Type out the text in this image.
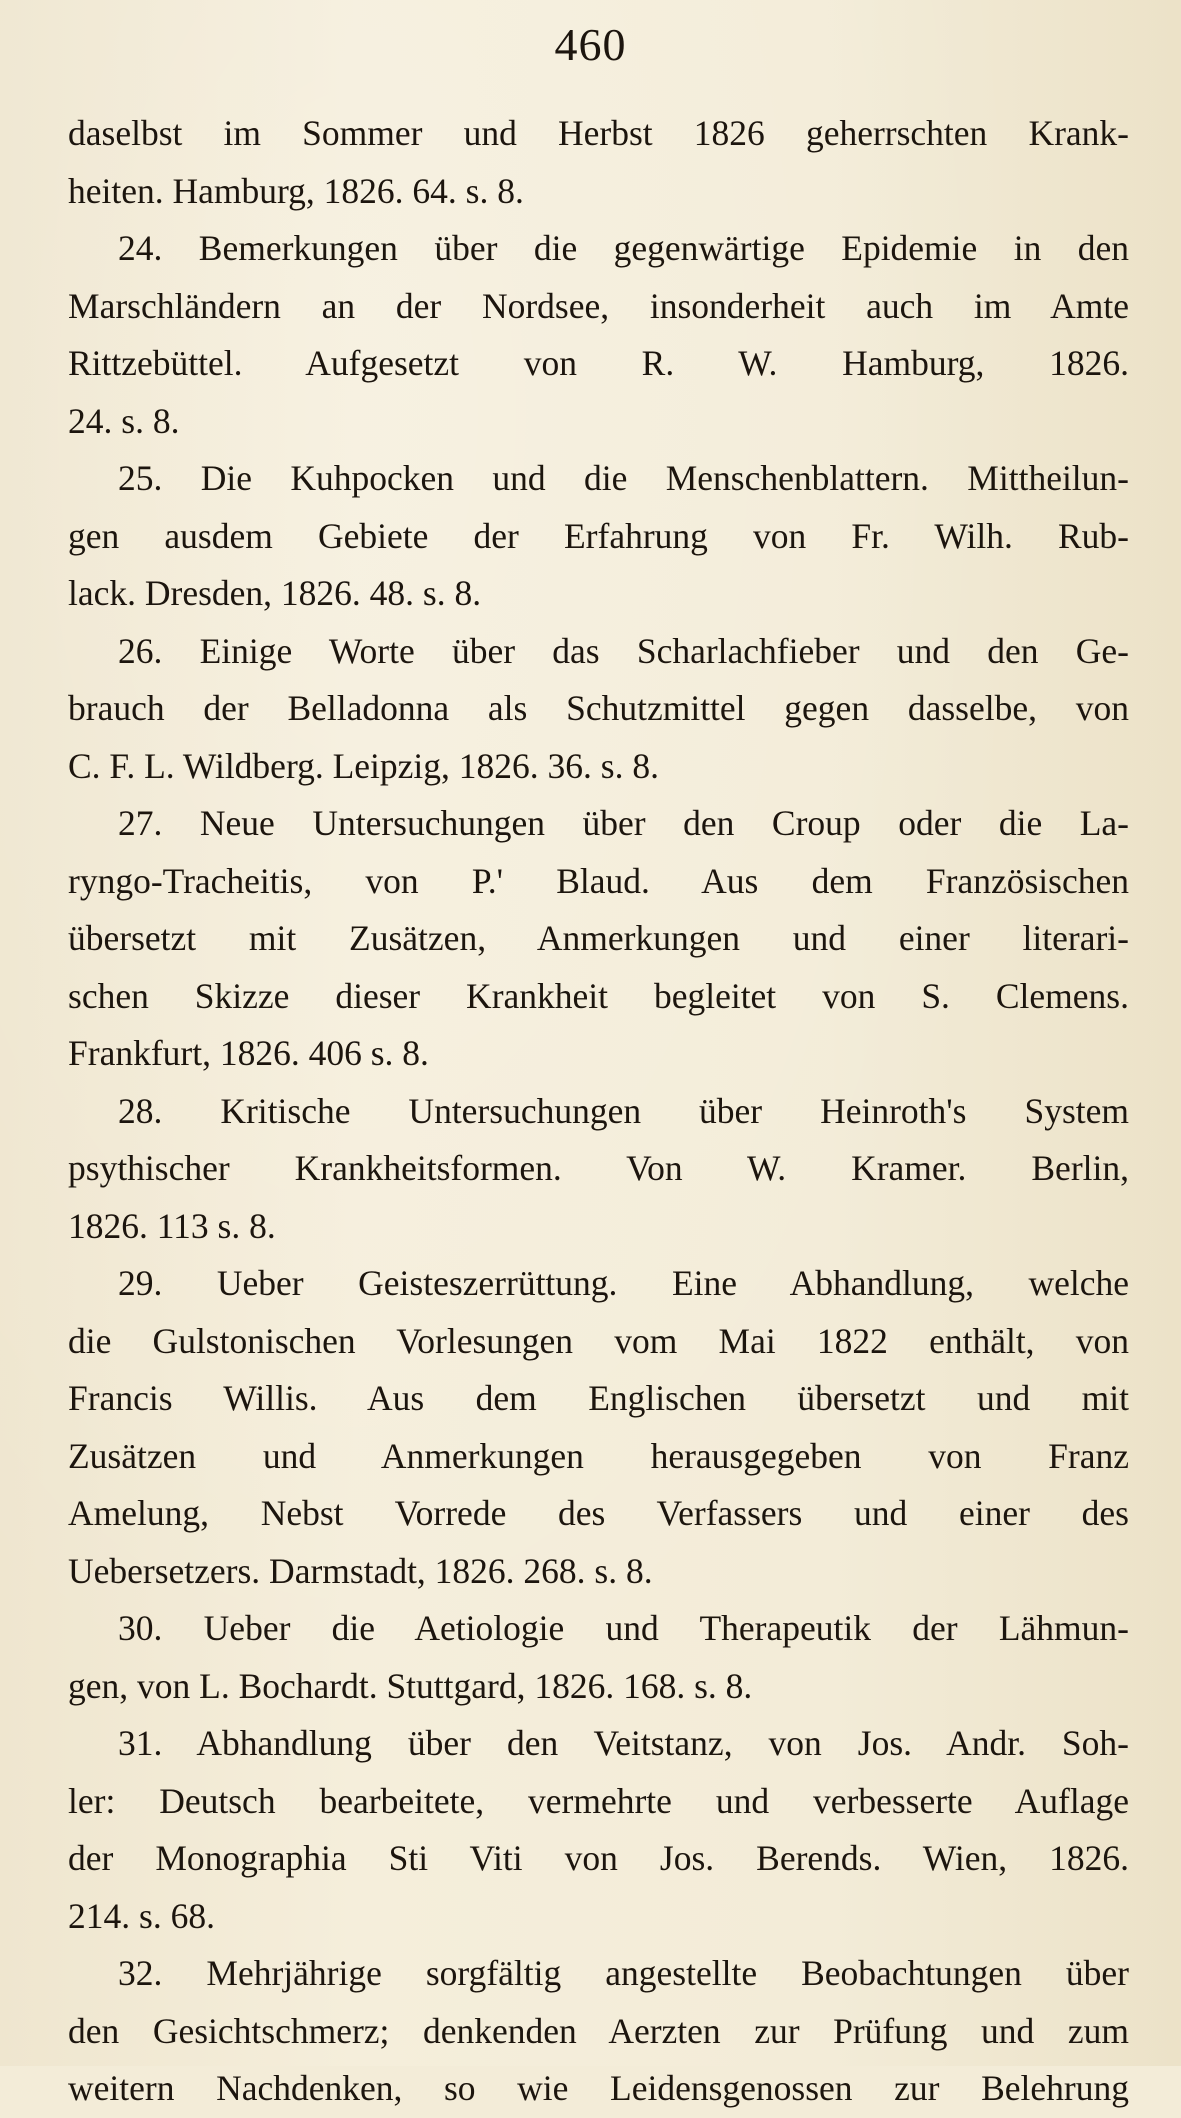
460
daselbst im Sommer und Herbst 1826 geherrschten Krank-
heiten. Hamburg, 1826. 64. s. 8.
24. Bemerkungen über die gegenwärtige Epidemie in den
Marschländern an der Nordsee, insonderheit auch im Amte
Rittzebüttel. Aufgesetzt von R. W. Hamburg, 1826.
24. s. 8.
25. Die Kuhpocken und die Menschenblattern. Mittheilun-
gen ausdem Gebiete der Erfahrung von Fr. Wilh. Rub-
lack. Dresden, 1826. 48. s. 8.
26. Einige Worte über das Scharlachfieber und den Ge-
brauch der Belladonna als Schutzmittel gegen dasselbe, von
C. F. L. Wildberg. Leipzig, 1826. 36. s. 8.
27. Neue Untersuchungen über den Croup oder die La-
ryngo-Tracheitis, von P.' Blaud. Aus dem Französischen
übersetzt mit Zusätzen, Anmerkungen und einer literari-
schen Skizze dieser Krankheit begleitet von S. Clemens.
Frankfurt, 1826. 406 s. 8.
28. Kritische Untersuchungen über Heinroth's System
psythischer Krankheitsformen. Von W. Kramer. Berlin,
1826. 113 s. 8.
29. Ueber Geisteszerrüttung. Eine Abhandlung, welche
die Gulstonischen Vorlesungen vom Mai 1822 enthält, von
Francis Willis. Aus dem Englischen übersetzt und mit
Zusätzen und Anmerkungen herausgegeben von Franz
Amelung, Nebst Vorrede des Verfassers und einer des
Uebersetzers. Darmstadt, 1826. 268. s. 8.
30. Ueber die Aetiologie und Therapeutik der Lähmun-
gen, von L. Bochardt. Stuttgard, 1826. 168. s. 8.
31. Abhandlung über den Veitstanz, von Jos. Andr. Soh-
ler: Deutsch bearbeitete, vermehrte und verbesserte Auflage
der Monographia Sti Viti von Jos. Berends. Wien, 1826.
214. s. 68.
32. Mehrjährige sorgfältig angestellte Beobachtungen über
den Gesichtschmerz; denkenden Aerzten zur Prüfung und zum
weitern Nachdenken, so wie Leidensgenossen zur Belehrung
